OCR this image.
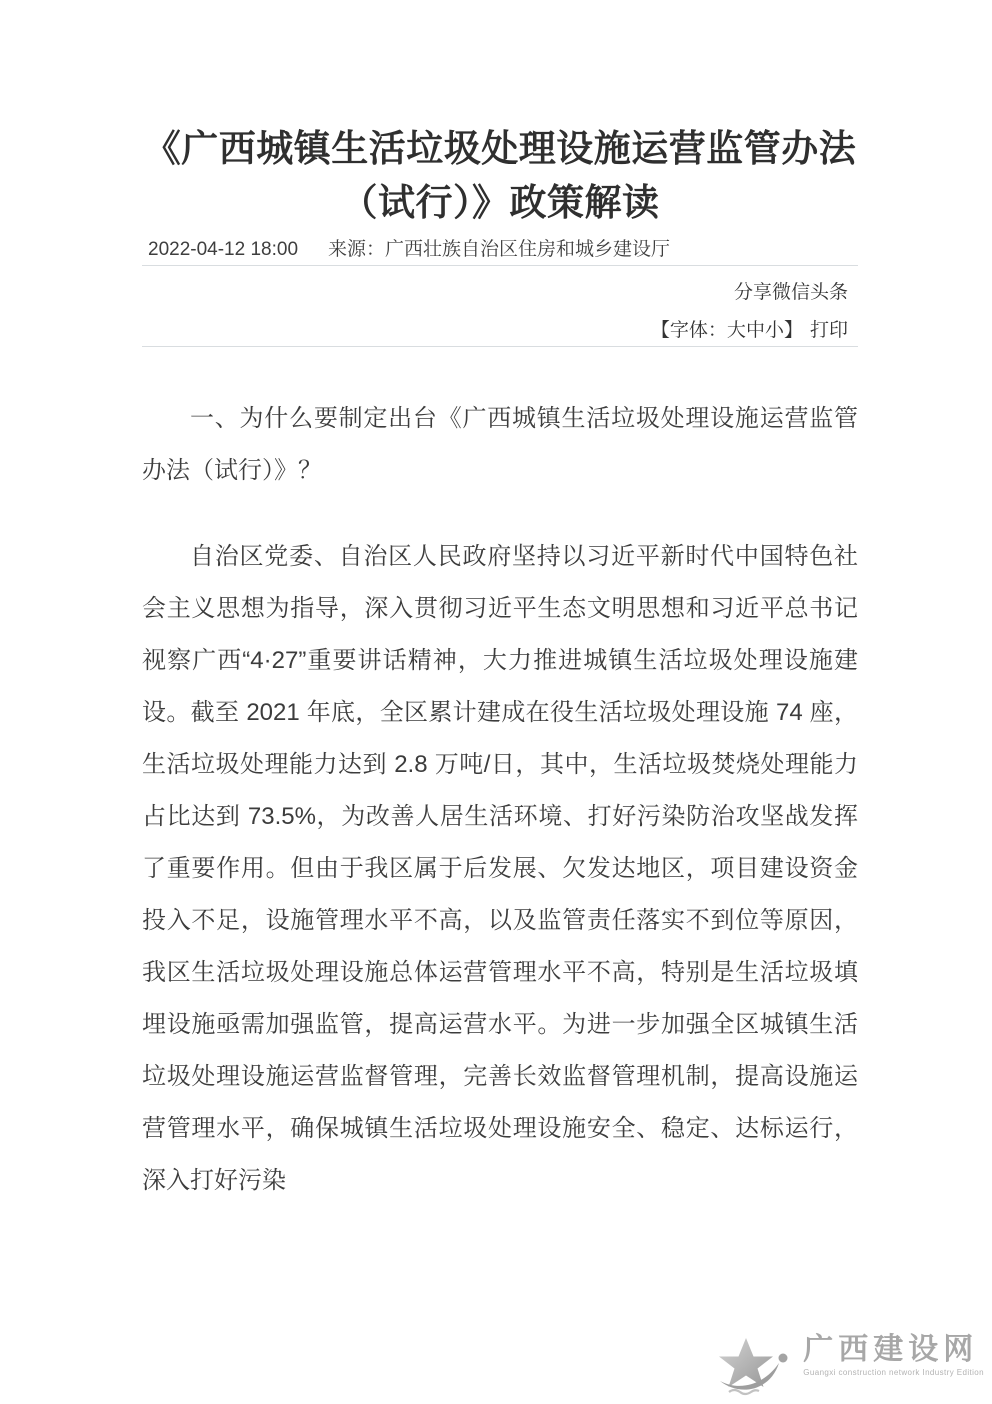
《广西城镇生活垃圾处理设施运营监管办法
（试行）》政策解读
2022-04-12 18:00 来源：广西壮族自治区住房和城乡建设厅
分享微信头条
【字体：大中小】 打印

一、为什么要制定出台《广西城镇生活垃圾处理设施运营监管办法（试行）》？

自治区党委、自治区人民政府坚持以习近平新时代中国特色社会主义思想为指导，深入贯彻习近平生态文明思想和习近平总书记视察广西“4·27”重要讲话精神，大力推进城镇生活垃圾处理设施建设。截至 2021 年底，全区累计建成在役生活垃圾处理设施 74 座，生活垃圾处理能力达到 2.8 万吨/日，其中，生活垃圾焚烧处理能力占比达到 73.5%，为改善人居生活环境、打好污染防治攻坚战发挥了重要作用。但由于我区属于后发展、欠发达地区，项目建设资金投入不足，设施管理水平不高，以及监管责任落实不到位等原因，我区生活垃圾处理设施总体运营管理水平不高，特别是生活垃圾填埋设施亟需加强监管，提高运营水平。为进一步加强全区城镇生活垃圾处理设施运营监督管理，完善长效监督管理机制，提高设施运营管理水平，确保城镇生活垃圾处理设施安全、稳定、达标运行，深入打好污染

广西建设网
Guangxi construction network Industry Edition
